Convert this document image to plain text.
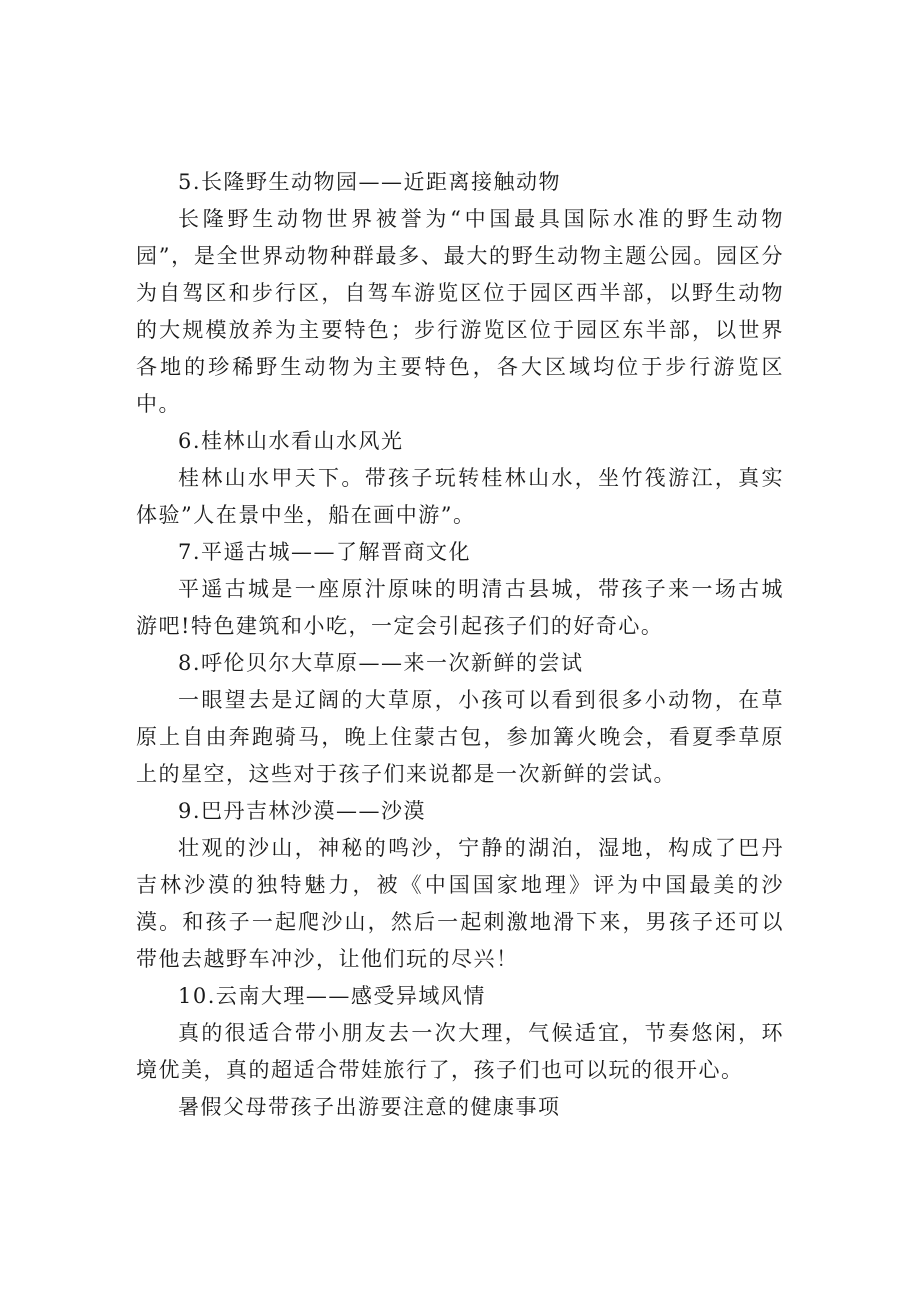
5.长隆野生动物园——近距离接触动物

长隆野生动物世界被誉为“中国最具国际水准的野生动物园”，是全世界动物种群最多、最大的野生动物主题公园。园区分为自驾区和步行区，自驾车游览区位于园区西半部，以野生动物的大规模放养为主要特色；步行游览区位于园区东半部，以世界各地的珍稀野生动物为主要特色，各大区域均位于步行游览区中。

6.桂林山水看山水风光

桂林山水甲天下。带孩子玩转桂林山水，坐竹筏游江，真实体验”人在景中坐，船在画中游”。

7.平遥古城——了解晋商文化

平遥古城是一座原汁原味的明清古县城，带孩子来一场古城游吧!特色建筑和小吃，一定会引起孩子们的好奇心。

8.呼伦贝尔大草原——来一次新鲜的尝试

一眼望去是辽阔的大草原，小孩可以看到很多小动物，在草原上自由奔跑骑马，晚上住蒙古包，参加篝火晚会，看夏季草原上的星空，这些对于孩子们来说都是一次新鲜的尝试。

9.巴丹吉林沙漠——沙漠

壮观的沙山，神秘的鸣沙，宁静的湖泊，湿地，构成了巴丹吉林沙漠的独特魅力，被《中国国家地理》评为中国最美的沙漠。和孩子一起爬沙山，然后一起刺激地滑下来，男孩子还可以带他去越野车冲沙，让他们玩的尽兴！

10.云南大理——感受异域风情

真的很适合带小朋友去一次大理，气候适宜，节奏悠闲，环境优美，真的超适合带娃旅行了，孩子们也可以玩的很开心。

暑假父母带孩子出游要注意的健康事项
